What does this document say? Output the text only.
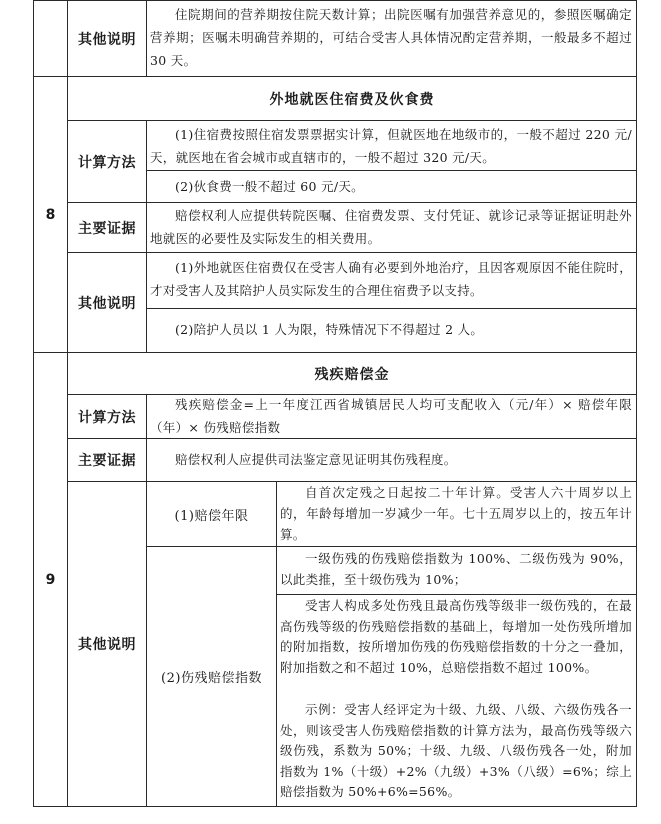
其他说明
住院期间的营养期按住院天数计算；出院医嘱有加强营养意见的，参照医嘱确定营养期；医嘱未明确营养期的，可结合受害人具体情况酌定营养期，一般最多不超过 30 天。
8
外地就医住宿费及伙食费
计算方法
(1)住宿费按照住宿发票票据实计算，但就医地在地级市的，一般不超过 220 元/天，就医地在省会城市或直辖市的，一般不超过 320 元/天。
(2)伙食费一般不超过 60 元/天。
主要证据
赔偿权利人应提供转院医嘱、住宿费发票、支付凭证、就诊记录等证据证明赴外地就医的必要性及实际发生的相关费用。
其他说明
(1)外地就医住宿费仅在受害人确有必要到外地治疗，且因客观原因不能住院时，才对受害人及其陪护人员实际发生的合理住宿费予以支持。
(2)陪护人员以 1 人为限，特殊情况下不得超过 2 人。
9
残疾赔偿金
计算方法
残疾赔偿金=上一年度江西省城镇居民人均可支配收入（元/年）× 赔偿年限（年）× 伤残赔偿指数
主要证据	赔偿权利人应提供司法鉴定意见证明其伤残程度。
其他说明
(1)赔偿年限
自首次定残之日起按二十年计算。受害人六十周岁以上的，年龄每增加一岁减少一年。七十五周岁以上的，按五年计算。
(2)伤残赔偿指数
一级伤残的伤残赔偿指数为 100%、二级伤残为 90%，以此类推，至十级伤残为 10%；
受害人构成多处伤残且最高伤残等级非一级伤残的，在最高伤残等级的伤残赔偿指数的基础上，每增加一处伤残所增加的附加指数，按所增加伤残的伤残赔偿指数的十分之一叠加，附加指数之和不超过 10%，总赔偿指数不超过 100%。
示例：受害人经评定为十级、九级、八级、六级伤残各一处，则该受害人伤残赔偿指数的计算方法为，最高伤残等级六级伤残，系数为 50%；十级、九级、八级伤残各一处，附加指数为 1%（十级）+2%（九级）+3%（八级）=6%；综上赔偿指数为 50%+6%=56%。
